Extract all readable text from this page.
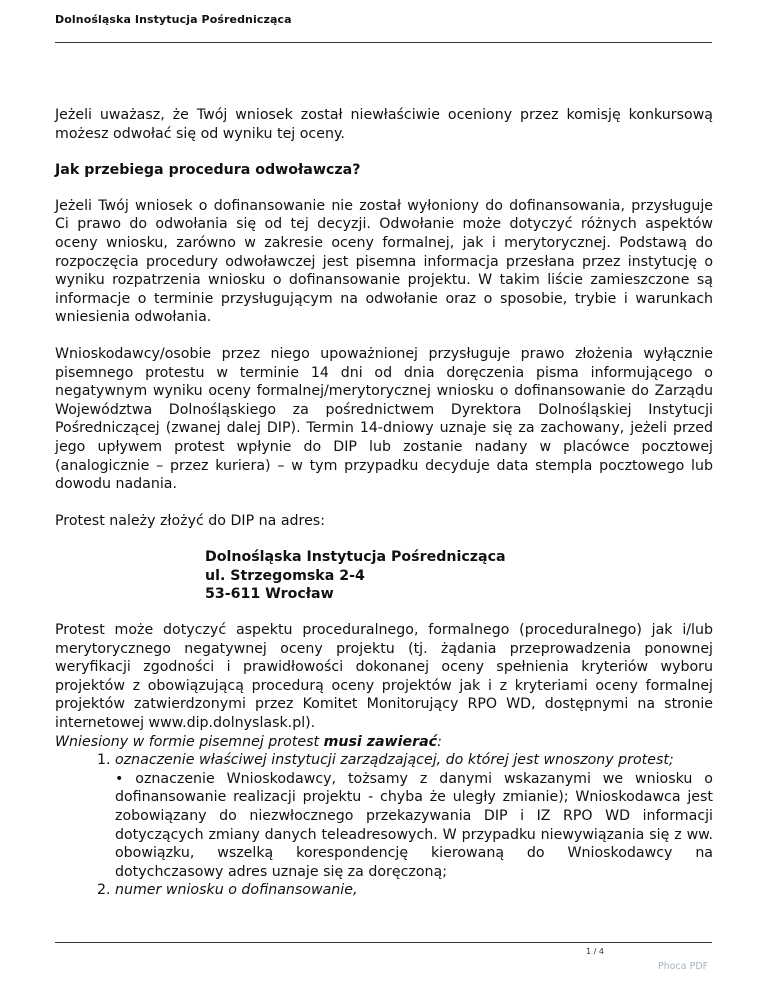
Dolnośląska Instytucja Pośrednicząca

Jeżeli uważasz, że Twój wniosek został niewłaściwie oceniony przez komisję konkursową możesz odwołać się od wyniku tej oceny.

Jak przebiega procedura odwoławcza?

Jeżeli Twój wniosek o dofinansowanie nie został wyłoniony do dofinansowania, przysługuje Ci prawo do odwołania się od tej decyzji. Odwołanie może dotyczyć różnych aspektów oceny wniosku, zarówno w zakresie oceny formalnej, jak i merytorycznej. Podstawą do rozpoczęcia procedury odwoławczej jest pisemna informacja przesłana przez instytucję o wyniku rozpatrzenia wniosku o dofinansowanie projektu. W takim liście zamieszczone są informacje o terminie przysługującym na odwołanie oraz o sposobie, trybie i warunkach wniesienia odwołania.

Wnioskodawcy/osobie przez niego upoważnionej przysługuje prawo złożenia wyłącznie pisemnego protestu w terminie 14 dni od dnia doręczenia pisma informującego o negatywnym wyniku oceny formalnej/merytorycznej wniosku o dofinansowanie do Zarządu Województwa Dolnośląskiego za pośrednictwem Dyrektora Dolnośląskiej Instytucji Pośredniczącej (zwanej dalej DIP). Termin 14-dniowy uznaje się za zachowany, jeżeli przed jego upływem protest wpłynie do DIP lub zostanie nadany w placówce pocztowej (analogicznie – przez kuriera) – w tym przypadku decyduje data stempla pocztowego lub dowodu nadania.

Protest należy złożyć do DIP na adres:

Dolnośląska Instytucja Pośrednicząca
ul. Strzegomska 2-4
53-611 Wrocław

Protest może dotyczyć aspektu proceduralnego, formalnego (proceduralnego) jak i/lub merytorycznego negatywnej oceny projektu (tj. żądania przeprowadzenia ponownej weryfikacji zgodności i prawidłowości dokonanej oceny spełnienia kryteriów wyboru projektów z obowiązującą procedurą oceny projektów jak i z kryteriami oceny formalnej projektów zatwierdzonymi przez Komitet Monitorujący RPO WD, dostępnymi na stronie internetowej www.dip.dolnyslask.pl).

Wniesiony w formie pisemnej protest musi zawierać:

1. oznaczenie właściwej instytucji zarządzającej, do której jest wnoszony protest;
• oznaczenie Wnioskodawcy, tożsamy z danymi wskazanymi we wniosku o dofinansowanie realizacji projektu - chyba że uległy zmianie); Wnioskodawca jest zobowiązany do niezwłocznego przekazywania DIP i IZ RPO WD informacji dotyczących zmiany danych teleadresowych. W przypadku niewywiązania się z ww. obowiązku, wszelką korespondencję kierowaną do Wnioskodawcy na dotychczasowy adres uznaje się za doręczoną;
2. numer wniosku o dofinansowanie,
1 / 4
Phoca PDF
